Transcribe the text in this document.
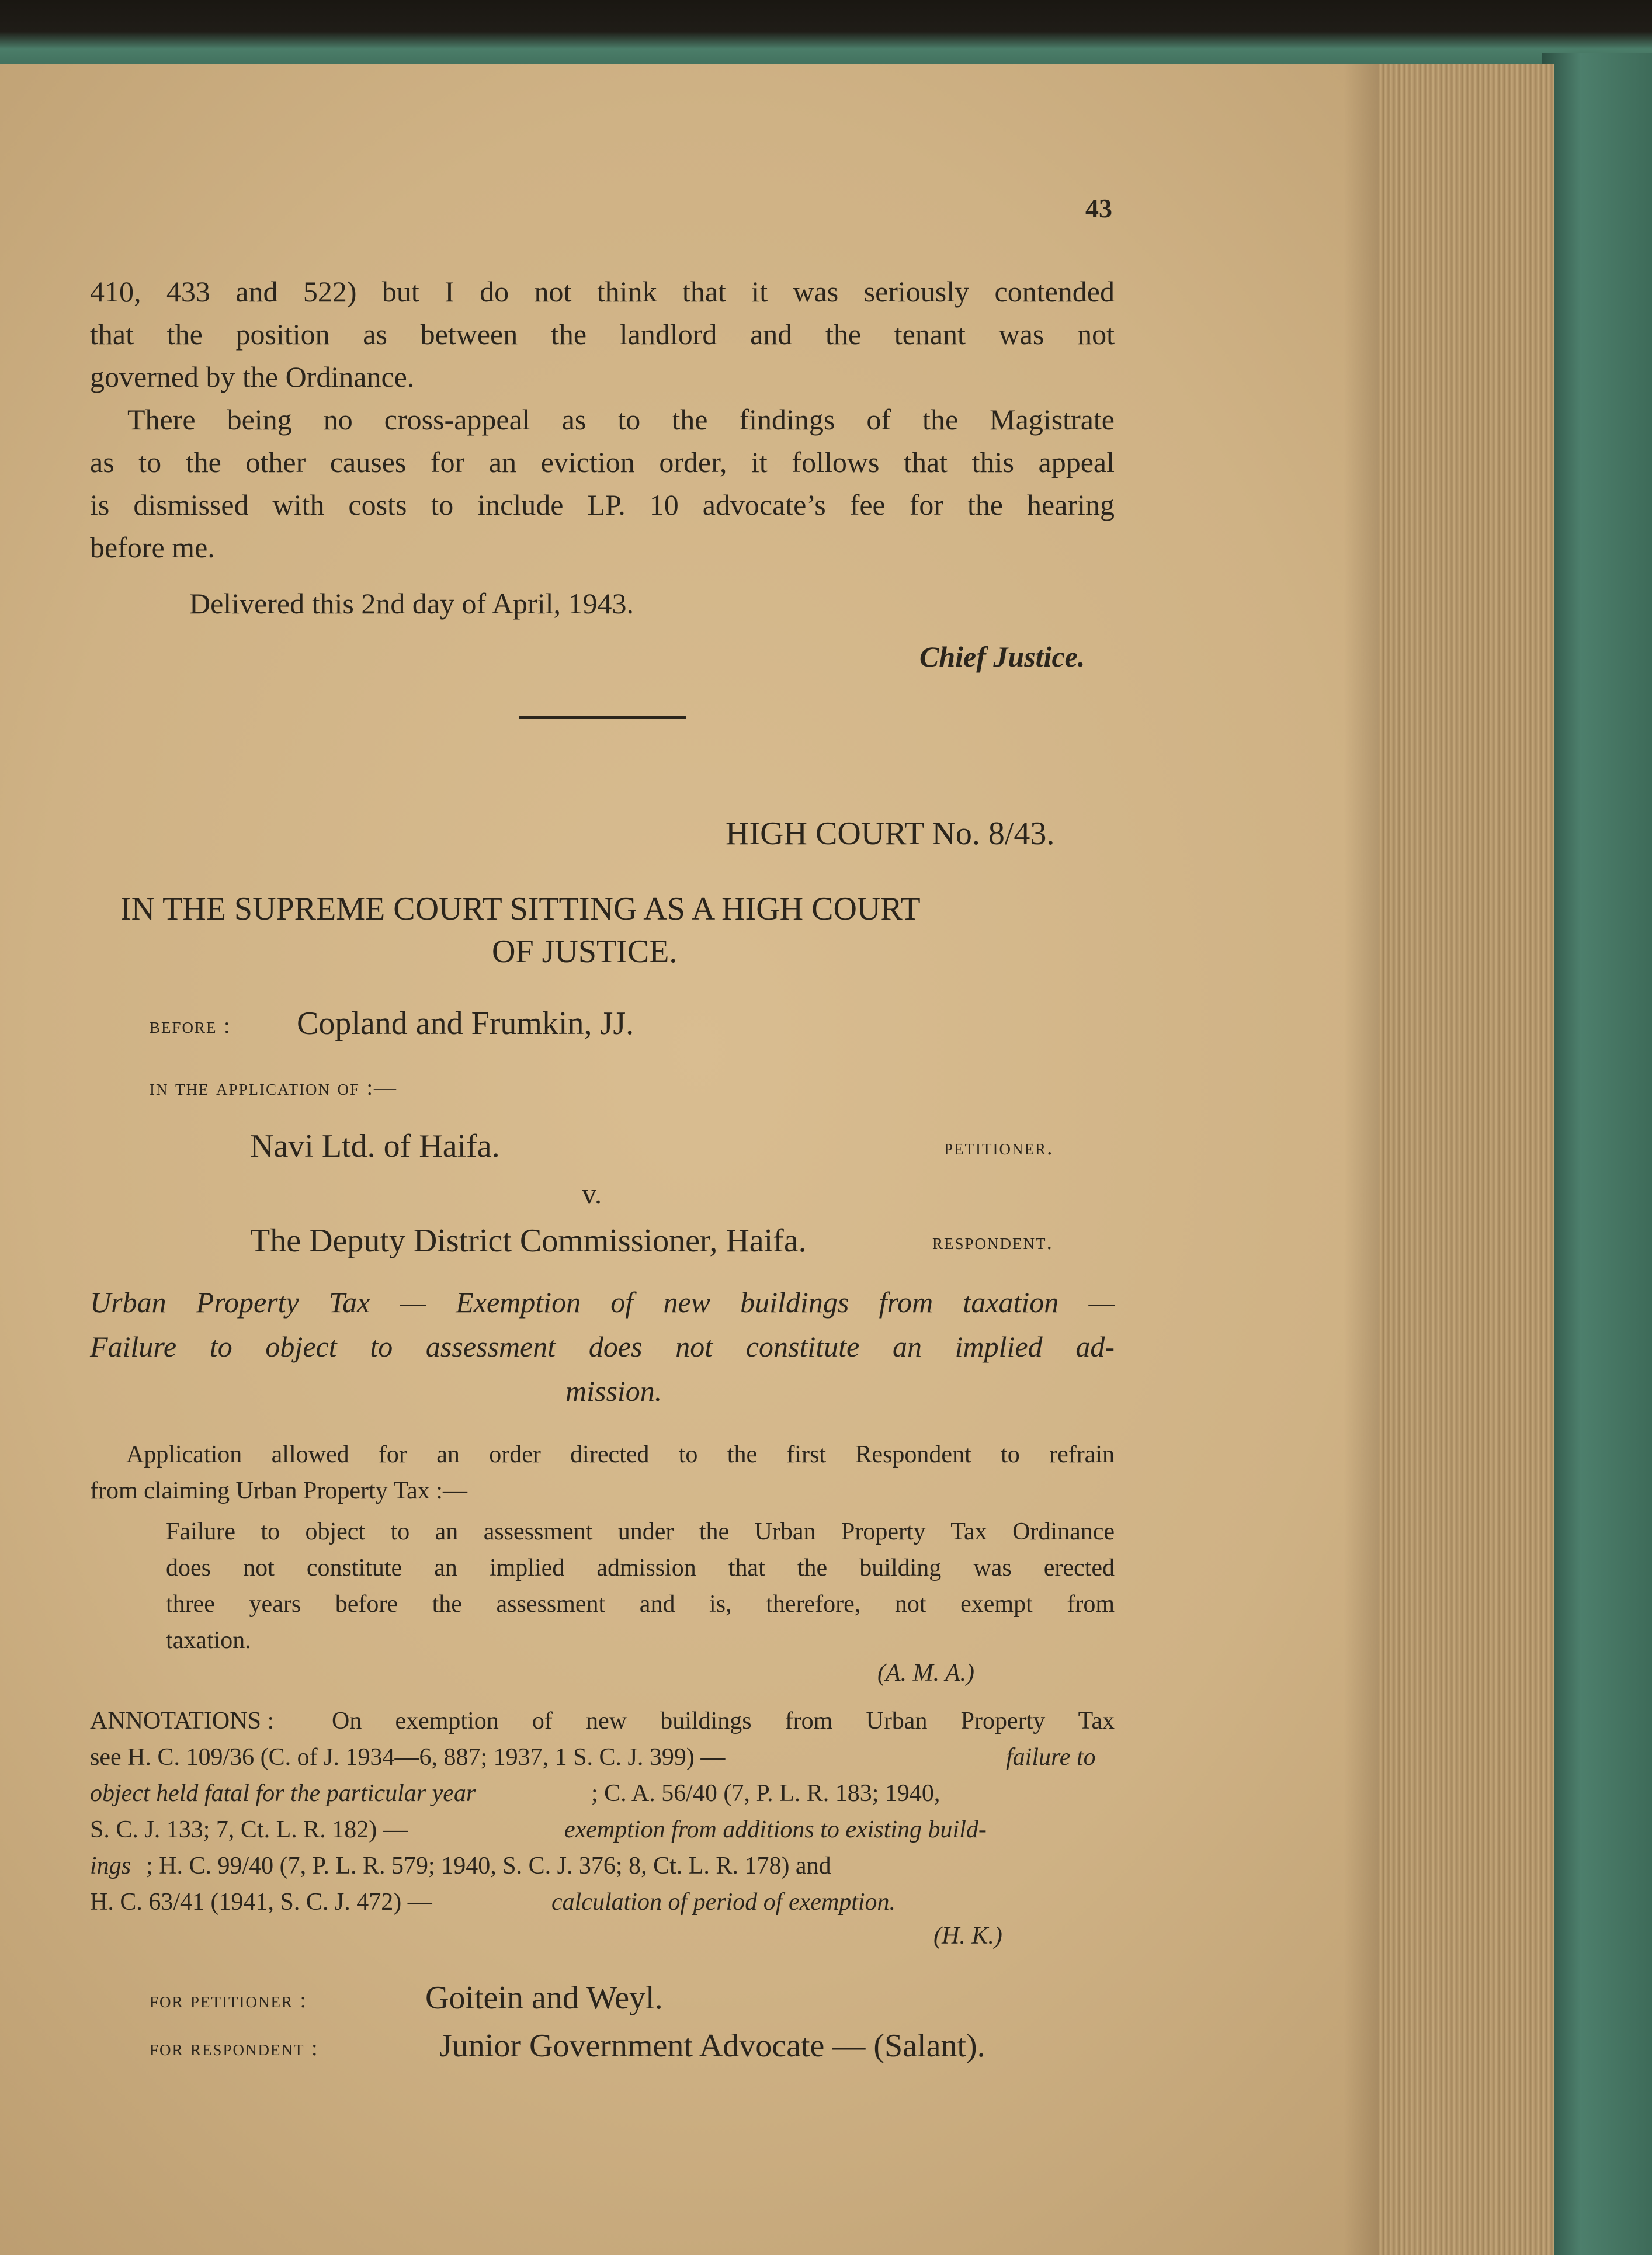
43
410, 433 and 522) but I do not think that it was seriously contended
that the position as between the landlord and the tenant was not
governed by the Ordinance.
There being no cross-appeal as to the findings of the Magistrate
as to the other causes for an eviction order, it follows that this appeal
is dismissed with costs to include LP. 10 advocate’s fee for the hearing
before me.
Delivered this 2nd day of April, 1943.
Chief Justice.
HIGH COURT No. 8/43.
IN THE SUPREME COURT SITTING AS A HIGH COURT
OF JUSTICE.
before : Copland and Frumkin, JJ.
in the application of :—
Navi Ltd. of Haifa.	petitioner.
v.
The Deputy District Commissioner, Haifa.	respondent.
Urban Property Tax — Exemption of new buildings from taxation —
Failure to object to assessment does not constitute an implied ad-
mission.
Application allowed for an order directed to the first Respondent to refrain
from claiming Urban Property Tax :—
Failure to object to an assessment under the Urban Property Tax Ordinance
does not constitute an implied admission that the building was erected
three years before the assessment and is, therefore, not exempt from
taxation.
(A. M. A.)
ANNOTATIONS : On exemption of new buildings from Urban Property Tax
see H. C. 109/36 (C. of J. 1934—6, 887; 1937, 1 S. C. J. 399) —	failure to
object held fatal for the particular year	; C. A. 56/40 (7, P. L. R. 183; 1940,
S. C. J. 133; 7, Ct. L. R. 182) —	exemption from additions to existing build-
ings ; H. C. 99/40 (7, P. L. R. 579; 1940, S. C. J. 376; 8, Ct. L. R. 178) and
H. C. 63/41 (1941, S. C. J. 472) —	calculation of period of exemption.
(H. K.)
for petitioner :	Goitein and Weyl.
for respondent :	Junior Government Advocate — (Salant).
